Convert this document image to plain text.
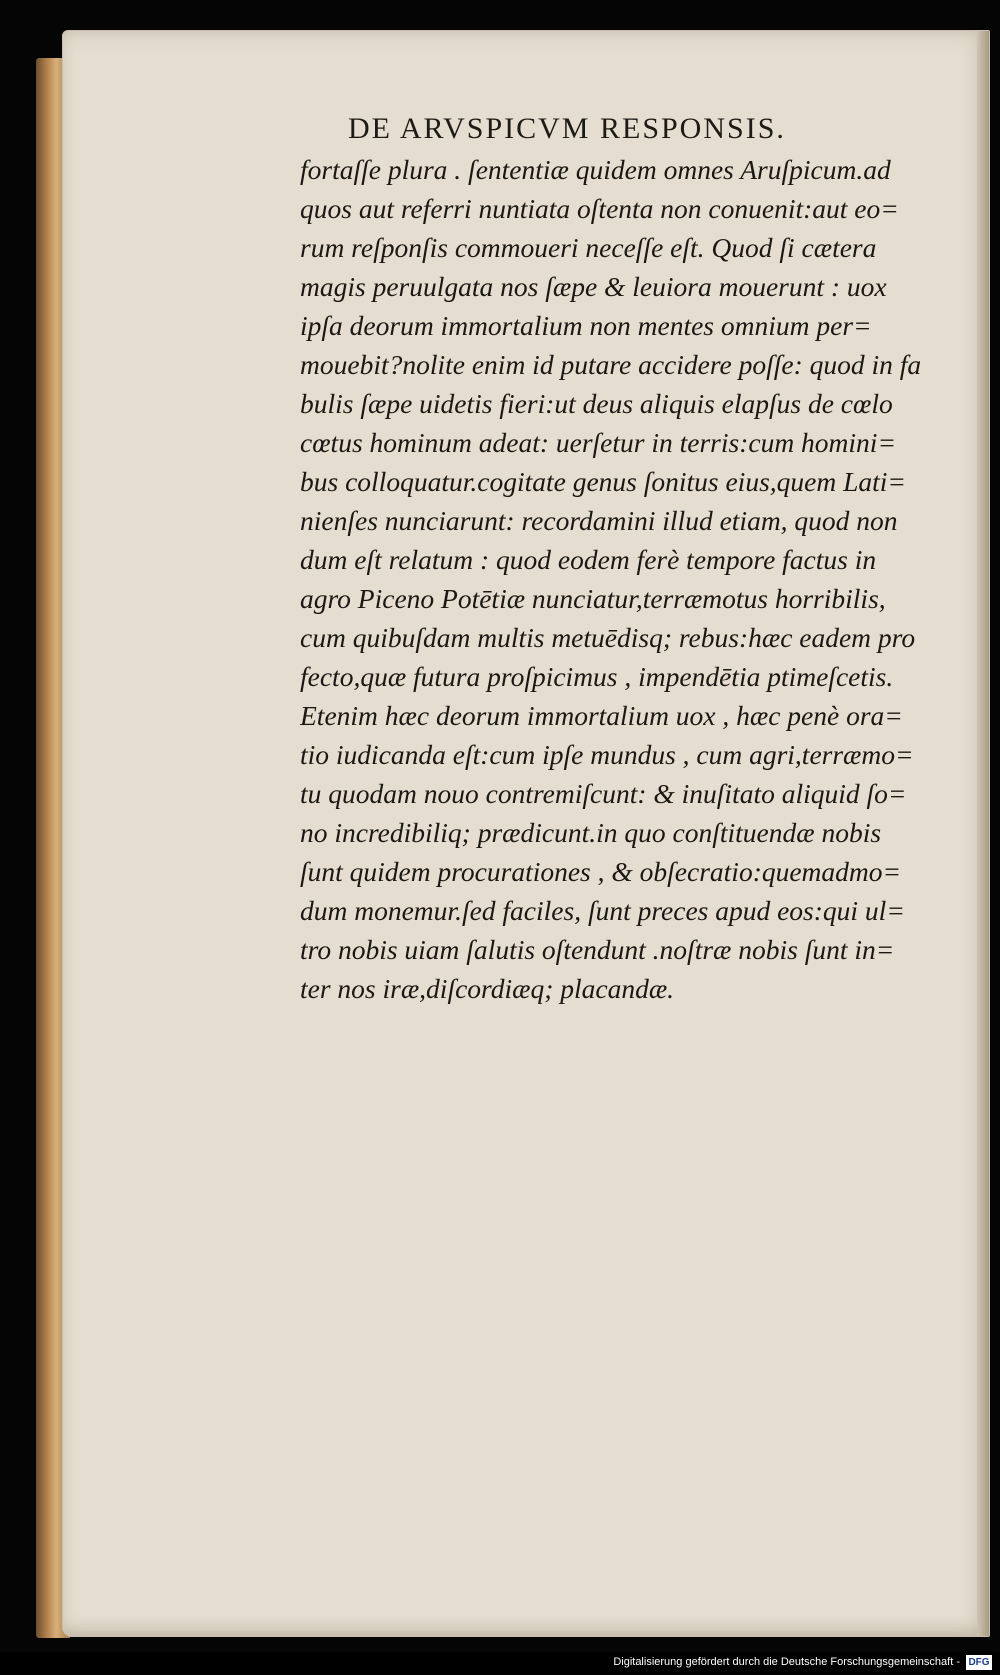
DE ARVSPICVM RESPONSIS.
fortaſſe plura . ſententiæ quidem omnes Aruſpicum.ad
quos aut referri nuntiata oſtenta non conuenit:aut eo=
rum reſponſis commoueri neceſſe eſt. Quod ſi cætera
magis peruulgata nos ſæpe & leuiora mouerunt : uox
ipſa deorum immortalium non mentes omnium per=
mouebit?nolite enim id putare accidere poſſe: quod in fa
bulis ſæpe uidetis fieri:ut deus aliquis elapſus de cœlo
cœtus hominum adeat: uerſetur in terris:cum homini=
bus colloquatur.cogitate genus ſonitus eius,quem Lati=
nienſes nunciarunt: recordamini illud etiam, quod non
dum eſt relatum : quod eodem ferè tempore factus in
agro Piceno Potētiæ nunciatur,terræmotus horribilis,
cum quibuſdam multis metuēdisq; rebus:hæc eadem pro
fecto,quæ futura proſpicimus , impendētia ptimeſcetis.
Etenim hæc deorum immortalium uox , hæc penè ora=
tio iudicanda eſt:cum ipſe mundus , cum agri,terræmo=
tu quodam nouo contremiſcunt: & inuſitato aliquid ſo=
no incredibiliq; prædicunt.in quo conſtituendæ nobis
ſunt quidem procurationes , & obſecratio:quemadmo=
dum monemur.ſed faciles, ſunt preces apud eos:qui ul=
tro nobis uiam ſalutis oſtendunt .noſtræ nobis ſunt in=
ter nos iræ,diſcordiæq; placandæ.
Digitalisierung gefördert durch die Deutsche Forschungsgemeinschaft - DFG
